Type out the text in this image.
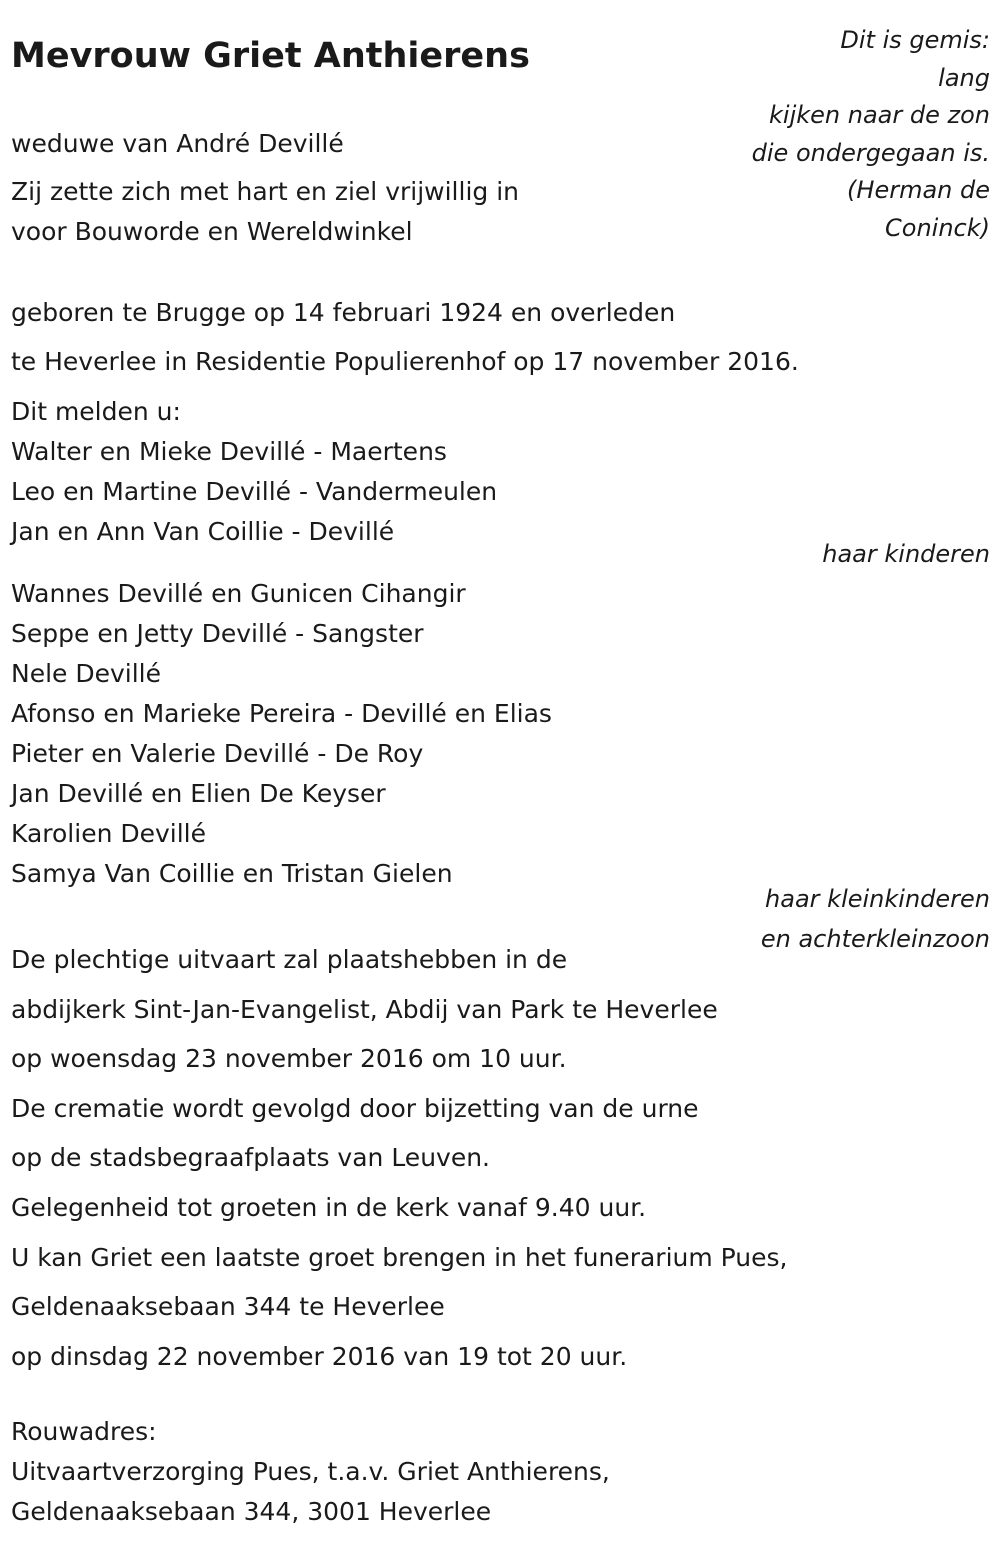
Mevrouw Griet Anthierens	Dit is gemis:
lang
kijken naar de zon
die ondergegaan is.
(Herman de
Coninck)
weduwe van André Devillé
Zij zette zich met hart en ziel vrijwillig in
voor Bouworde en Wereldwinkel
geboren te Brugge op 14 februari 1924 en overleden
te Heverlee in Residentie Populierenhof op 17 november 2016.
Dit melden u:
Walter en Mieke Devillé - Maertens
Leo en Martine Devillé - Vandermeulen
Jan en Ann Van Coillie - Devillé
haar kinderen
Wannes Devillé en Gunicen Cihangir
Seppe en Jetty Devillé - Sangster
Nele Devillé
Afonso en Marieke Pereira - Devillé en Elias
Pieter en Valerie Devillé - De Roy
Jan Devillé en Elien De Keyser
Karolien Devillé
Samya Van Coillie en Tristan Gielen
haar kleinkinderen
en achterkleinzoon
De plechtige uitvaart zal plaatshebben in de
abdijkerk Sint-Jan-Evangelist, Abdij van Park te Heverlee
op woensdag 23 november 2016 om 10 uur.
De crematie wordt gevolgd door bijzetting van de urne
op de stadsbegraafplaats van Leuven.
Gelegenheid tot groeten in de kerk vanaf 9.40 uur.
U kan Griet een laatste groet brengen in het funerarium Pues,
Geldenaaksebaan 344 te Heverlee
op dinsdag 22 november 2016 van 19 tot 20 uur.
Rouwadres:
Uitvaartverzorging Pues, t.a.v. Griet Anthierens,
Geldenaaksebaan 344, 3001 Heverlee
